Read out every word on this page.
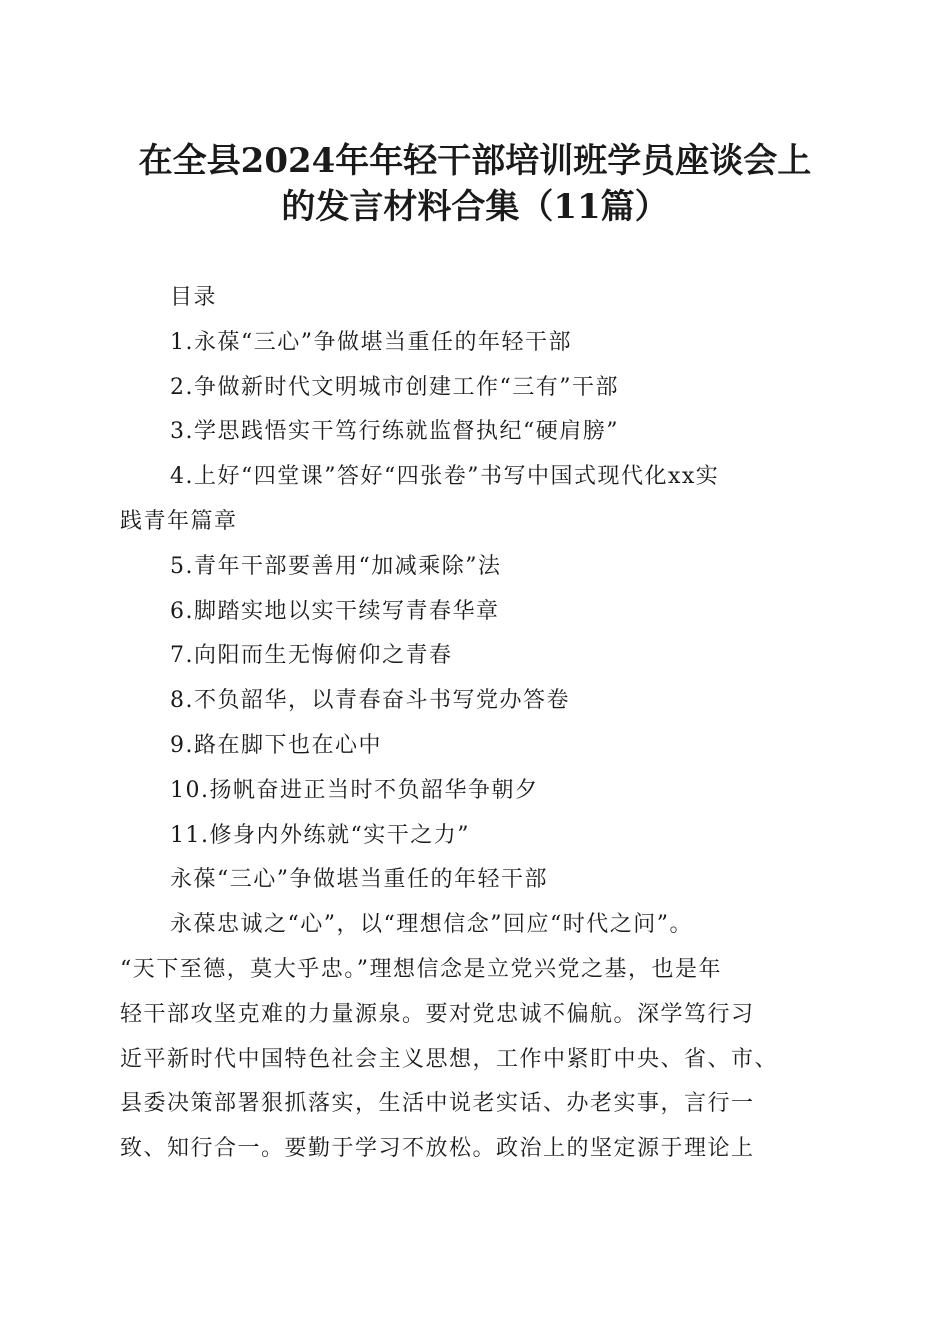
在全县2024年年轻干部培训班学员座谈会上
的发言材料合集（11篇）

目录

1.永葆“三心”争做堪当重任的年轻干部

2.争做新时代文明城市创建工作“三有”干部

3.学思践悟实干笃行练就监督执纪“硬肩膀”

4.上好“四堂课”答好“四张卷”书写中国式现代化xx实

践青年篇章

5.青年干部要善用“加减乘除”法

6.脚踏实地以实干续写青春华章

7.向阳而生无悔俯仰之青春

8.不负韶华，以青春奋斗书写党办答卷

9.路在脚下也在心中

10.扬帆奋进正当时不负韶华争朝夕

11.修身内外练就“实干之力”

永葆“三心”争做堪当重任的年轻干部

永葆忠诚之“心”，以“理想信念”回应“时代之问”。

“天下至德，莫大乎忠。”理想信念是立党兴党之基，也是年

轻干部攻坚克难的力量源泉。要对党忠诚不偏航。深学笃行习

近平新时代中国特色社会主义思想，工作中紧盯中央、省、市、

县委决策部署狠抓落实，生活中说老实话、办老实事，言行一

致、知行合一。要勤于学习不放松。政治上的坚定源于理论上
